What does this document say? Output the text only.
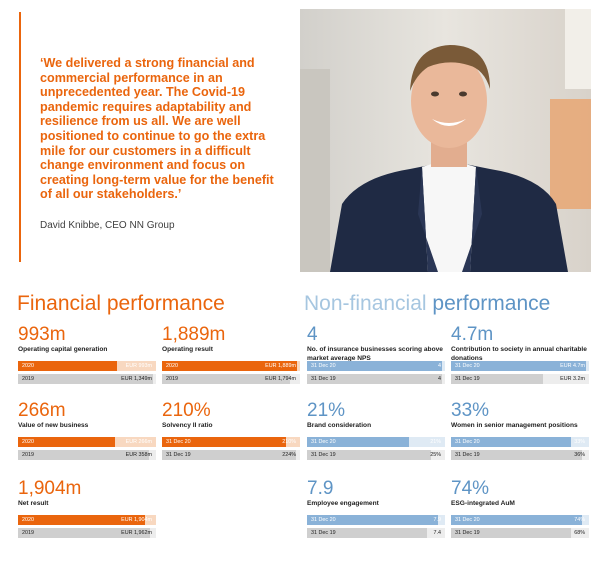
‘We delivered a strong financial and commercial performance in an unprecedented year. The Covid-19 pandemic requires adaptability and resilience from us all. We are well positioned to continue to go the extra mile for our customers in a difficult change environment and focus on creating long-term value for the benefit of all our stakeholders.’
David Knibbe, CEO NN Group
Financial performance	Non-financial performance
993m
Operating capital generation
2020	EUR 993m
2019	EUR 1,349m
1,889m
Operating result
2020	EUR 1,889m
2019	EUR 1,794m
266m
Value of new business
2020	EUR 266m
2019	EUR 358m
210%
Solvency II ratio
31 Dec 20	210%
31 Dec 19	224%
1,904m
Net result
2020	EUR 1,904m
2019	EUR 1,962m
4
No. of insurance businesses scoring above market average NPS
31 Dec 20	4
31 Dec 19	4
4.7m
Contribution to society in annual charitable donations
31 Dec 20	EUR 4.7m
31 Dec 19	EUR 3.2m
21%
Brand consideration
31 Dec 20	21%
31 Dec 19	25%
33%
Women in senior management positions
31 Dec 20	33%
31 Dec 19	36%
7.9
Employee engagement
31 Dec 20	7.9
31 Dec 19	7.4
74%
ESG-integrated AuM
31 Dec 20	74%
31 Dec 19	68%
